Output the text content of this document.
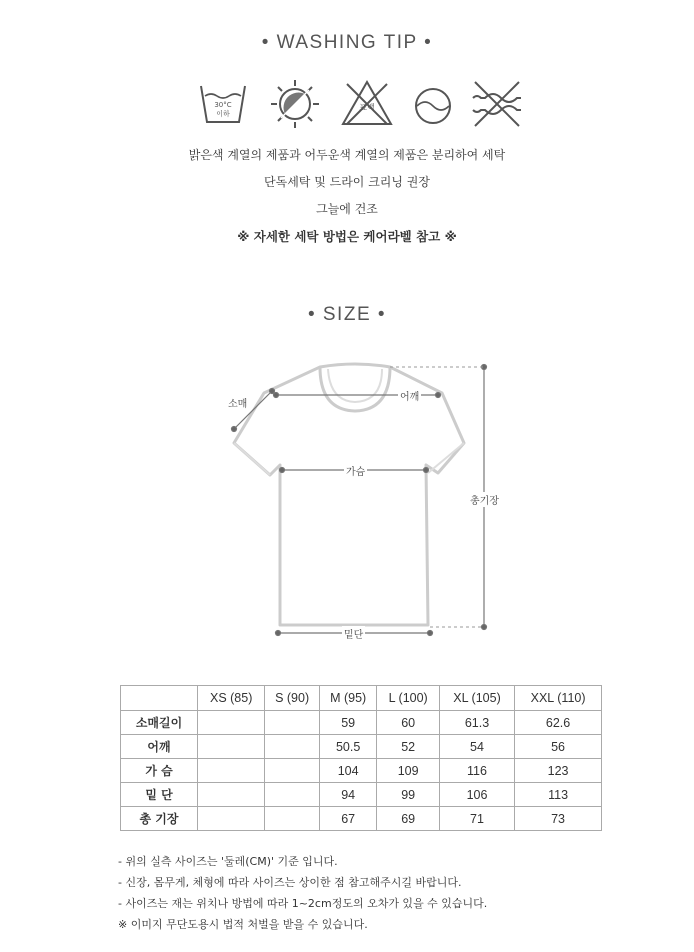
• WASHING TIP •
30°C
이하
표백
밝은색 계열의 제품과 어두운색 계열의 제품은 분리하여 세탁
단독세탁 및 드라이 크리닝 권장
그늘에 건조
※ 자세한 세탁 방법은 케어라벨 참고 ※
• SIZE •
소매
어깨
가슴
총기장
밑단
	XS (85)	S (90)	M (95)	L (100)	XL (105)	XXL (110)
소매길이			59	60	61.3	62.6
어깨			50.5	52	54	56
가 슴			104	109	116	123
밑 단			94	99	106	113
총 기장			67	69	71	73
- 위의 실측 사이즈는 '둘레(CM)' 기준 입니다.
- 신장, 몸무게, 체형에 따라 사이즈는 상이한 점 참고해주시길 바랍니다.
- 사이즈는 재는 위치나 방법에 따라 1~2cm정도의 오차가 있을 수 있습니다.
※ 이미지 무단도용시 법적 처벌을 받을 수 있습니다.
